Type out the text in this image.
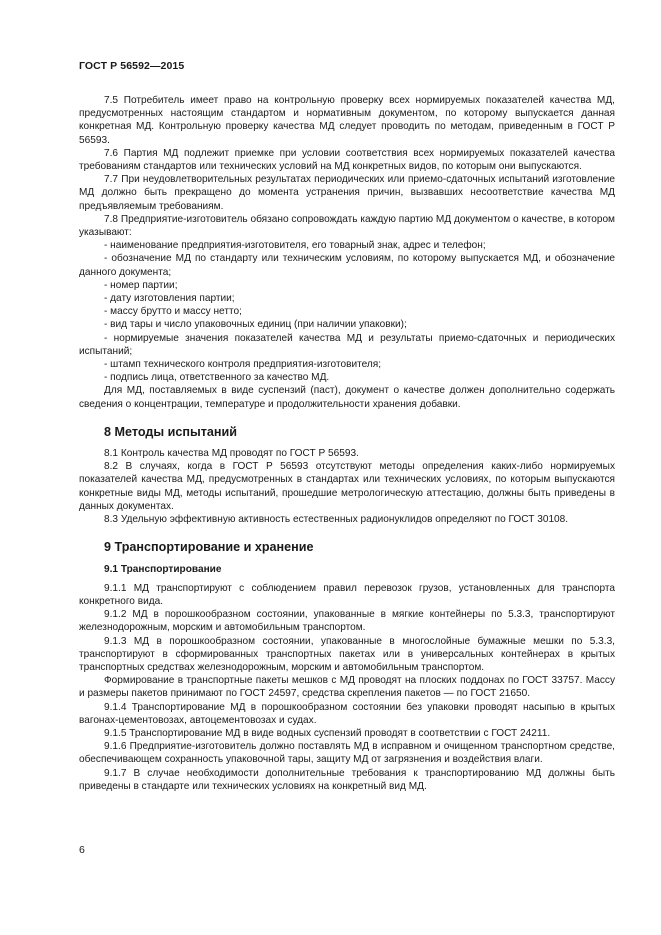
ГОСТ Р 56592—2015

7.5 Потребитель имеет право на контрольную проверку всех нормируемых показателей качества МД, предусмотренных настоящим стандартом и нормативным документом, по которому выпускается данная конкретная МД. Контрольную проверку качества МД следует проводить по методам, приведенным в ГОСТ Р 56593.

7.6 Партия МД подлежит приемке при условии соответствия всех нормируемых показателей качества требованиям стандартов или технических условий на МД конкретных видов, по которым они выпускаются.

7.7 При неудовлетворительных результатах периодических или приемо-сдаточных испытаний изготовление МД должно быть прекращено до момента устранения причин, вызвавших несоответствие качества МД предъявляемым требованиям.

7.8 Предприятие-изготовитель обязано сопровождать каждую партию МД документом о качестве, в котором указывают:

- наименование предприятия-изготовителя, его товарный знак, адрес и телефон;

- обозначение МД по стандарту или техническим условиям, по которому выпускается МД, и обозначение данного документа;

- номер партии;

- дату изготовления партии;

- массу брутто и массу нетто;

- вид тары и число упаковочных единиц (при наличии упаковки);

- нормируемые значения показателей качества МД и результаты приемо-сдаточных и периодических испытаний;

- штамп технического контроля предприятия-изготовителя;

- подпись лица, ответственного за качество МД.

Для МД, поставляемых в виде суспензий (паст), документ о качестве должен дополнительно содержать сведения о концентрации, температуре и продолжительности хранения добавки.

8 Методы испытаний

8.1 Контроль качества МД проводят по ГОСТ Р 56593.

8.2 В случаях, когда в ГОСТ Р 56593 отсутствуют методы определения каких-либо нормируемых показателей качества МД, предусмотренных в стандартах или технических условиях, по которым выпускаются конкретные виды МД, методы испытаний, прошедшие метрологическую аттестацию, должны быть приведены в данных документах.

8.3 Удельную эффективную активность естественных радионуклидов определяют по ГОСТ 30108.

9 Транспортирование и хранение
9.1 Транспортирование

9.1.1 МД транспортируют с соблюдением правил перевозок грузов, установленных для транспорта конкретного вида.

9.1.2 МД в порошкообразном состоянии, упакованные в мягкие контейнеры по 5.3.3, транспортируют железнодорожным, морским и автомобильным транспортом.

9.1.3 МД в порошкообразном состоянии, упакованные в многослойные бумажные мешки по 5.3.3, транспортируют в сформированных транспортных пакетах или в универсальных контейнерах в крытых транспортных средствах железнодорожным, морским и автомобильным транспортом.

Формирование в транспортные пакеты мешков с МД проводят на плоских поддонах по ГОСТ 33757. Массу и размеры пакетов принимают по ГОСТ 24597, средства скрепления пакетов — по ГОСТ 21650.

9.1.4 Транспортирование МД в порошкообразном состоянии без упаковки проводят насыпью в крытых вагонах-цементовозах, автоцементовозах и судах.

9.1.5 Транспортирование МД в виде водных суспензий проводят в соответствии с ГОСТ 24211.

9.1.6 Предприятие-изготовитель должно поставлять МД в исправном и очищенном транспортном средстве, обеспечивающем сохранность упаковочной тары, защиту МД от загрязнения и воздействия влаги.

9.1.7 В случае необходимости дополнительные требования к транспортированию МД должны быть приведены в стандарте или технических условиях на конкретный вид МД.

6
